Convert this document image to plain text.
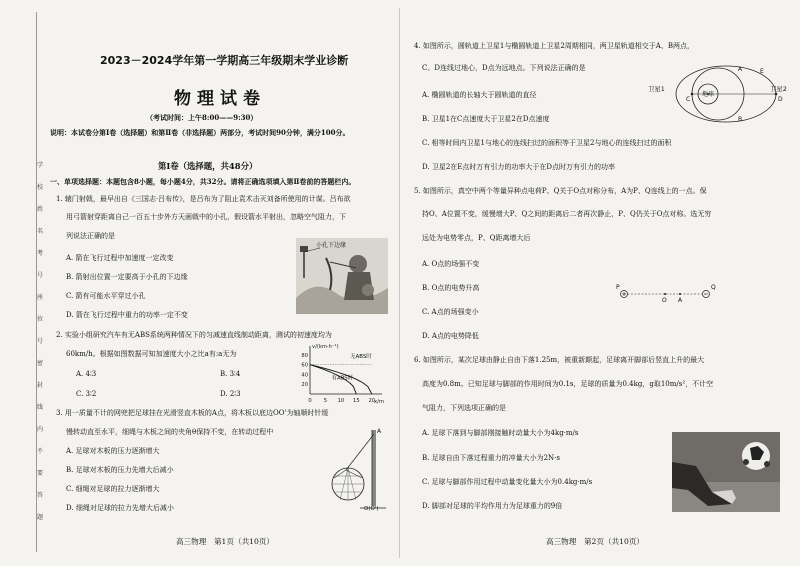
学
校
姓
名
考
号
座
位
号
密
封
线
内
不
要
答
题
2023－2024学年第一学期高三年级期末学业诊断
物理试卷
（考试时间：上午8:00——9:30）
说明：本试卷分第Ⅰ卷（选择题）和第Ⅱ卷（非选择题）两部分，考试时间90分钟，满分100分。
第Ⅰ卷（选择题，共48分）
一、单项选择题：本题包含8小题，每小题4分，共32分。请将正确选项填入第Ⅱ卷前的答题栏内。
1. 辕门射戟，最早出自《三国志·吕布传》，是吕布为了阻止袁术击灭刘备所使用的计谋。吕布欲
用弓箭射穿距离自己一百五十步外方天画戟中的小孔，假设箭水平射出，忽略空气阻力，下
列说法正确的是
A. 箭在飞行过程中加速度一定改变
B. 箭射出位置一定要高于小孔的下边缘
C. 箭有可能水平穿过小孔
D. 箭在飞行过程中重力的功率一定不变
小孔下边缘
2. 实验小组研究汽车有无ABS系统两种情况下的匀减速直线制动距离，测试的初速度均为
60km/h。根据如图数据可知加速度大小之比a有:a无为
A. 4∶3	B. 3∶4
C. 3∶2	D. 2∶3
v/(km·h⁻¹)
x/m
20
40
60
80
0 5 10 15 20
无ABS时
有ABS时
3. 用一质量不计的网兜把足球挂在光滑竖直木板的A点，将木板以底边OO'为轴顺时针缓
慢转动直至水平，细绳与木板之间的夹角θ保持不变，在转动过程中
A. 足球对木板的压力逐渐增大
B. 足球对木板的压力先增大后减小
C. 细绳对足球的拉力逐渐增大
D. 细绳对足球的拉力先增大后减小
A
O(O')
高三物理　第1页（共10页）
4. 如图所示，圆轨道上卫星1与椭圆轨道上卫星2周期相同，两卫星轨道相交于A、B两点，
C、D连线过地心，D点为远地点。下列说法正确的是
A. 椭圆轨道的长轴大于圆轨道的直径
B. 卫星1在C点速度大于卫星2在D点速度
C. 相等时间内卫星1与地心的连线扫过的面积等于卫星2与地心的连线扫过的面积
D. 卫星2在E点时万有引力的功率大于在D点时万有引力的功率
卫星1	卫星2
地球
A
B
C	D
E
5. 如图所示，真空中两个等量异种点电荷P、Q关于O点对称分布，A为P、Q连线上的一点。保
持O、A位置不变，缓慢增大P、Q之间的距离后二者再次静止，P、Q仍关于O点对称。选无穷
远处为电势零点，P、Q距离增大后
A. O点的场强不变
B. O点的电势升高
C. A点的场强变小
D. A点的电势降低
P
O A
Q
6. 如图所示，某次足球由静止自由下落1.25m，被重新颠起，足球离开脚部后竖直上升的最大
高度为0.8m。已知足球与脚部的作用时间为0.1s，足球的质量为0.4kg，g取10m/s²，不计空
气阻力，下列选项正确的是
A. 足球下落到与脚部刚接触时动量大小为4kg·m/s
B. 足球自由下落过程重力的冲量大小为2N·s
C. 足球与脚部作用过程中动量变化量大小为0.4kg·m/s
D. 脚部对足球的平均作用力为足球重力的9倍
高三物理　第2页（共10页）
